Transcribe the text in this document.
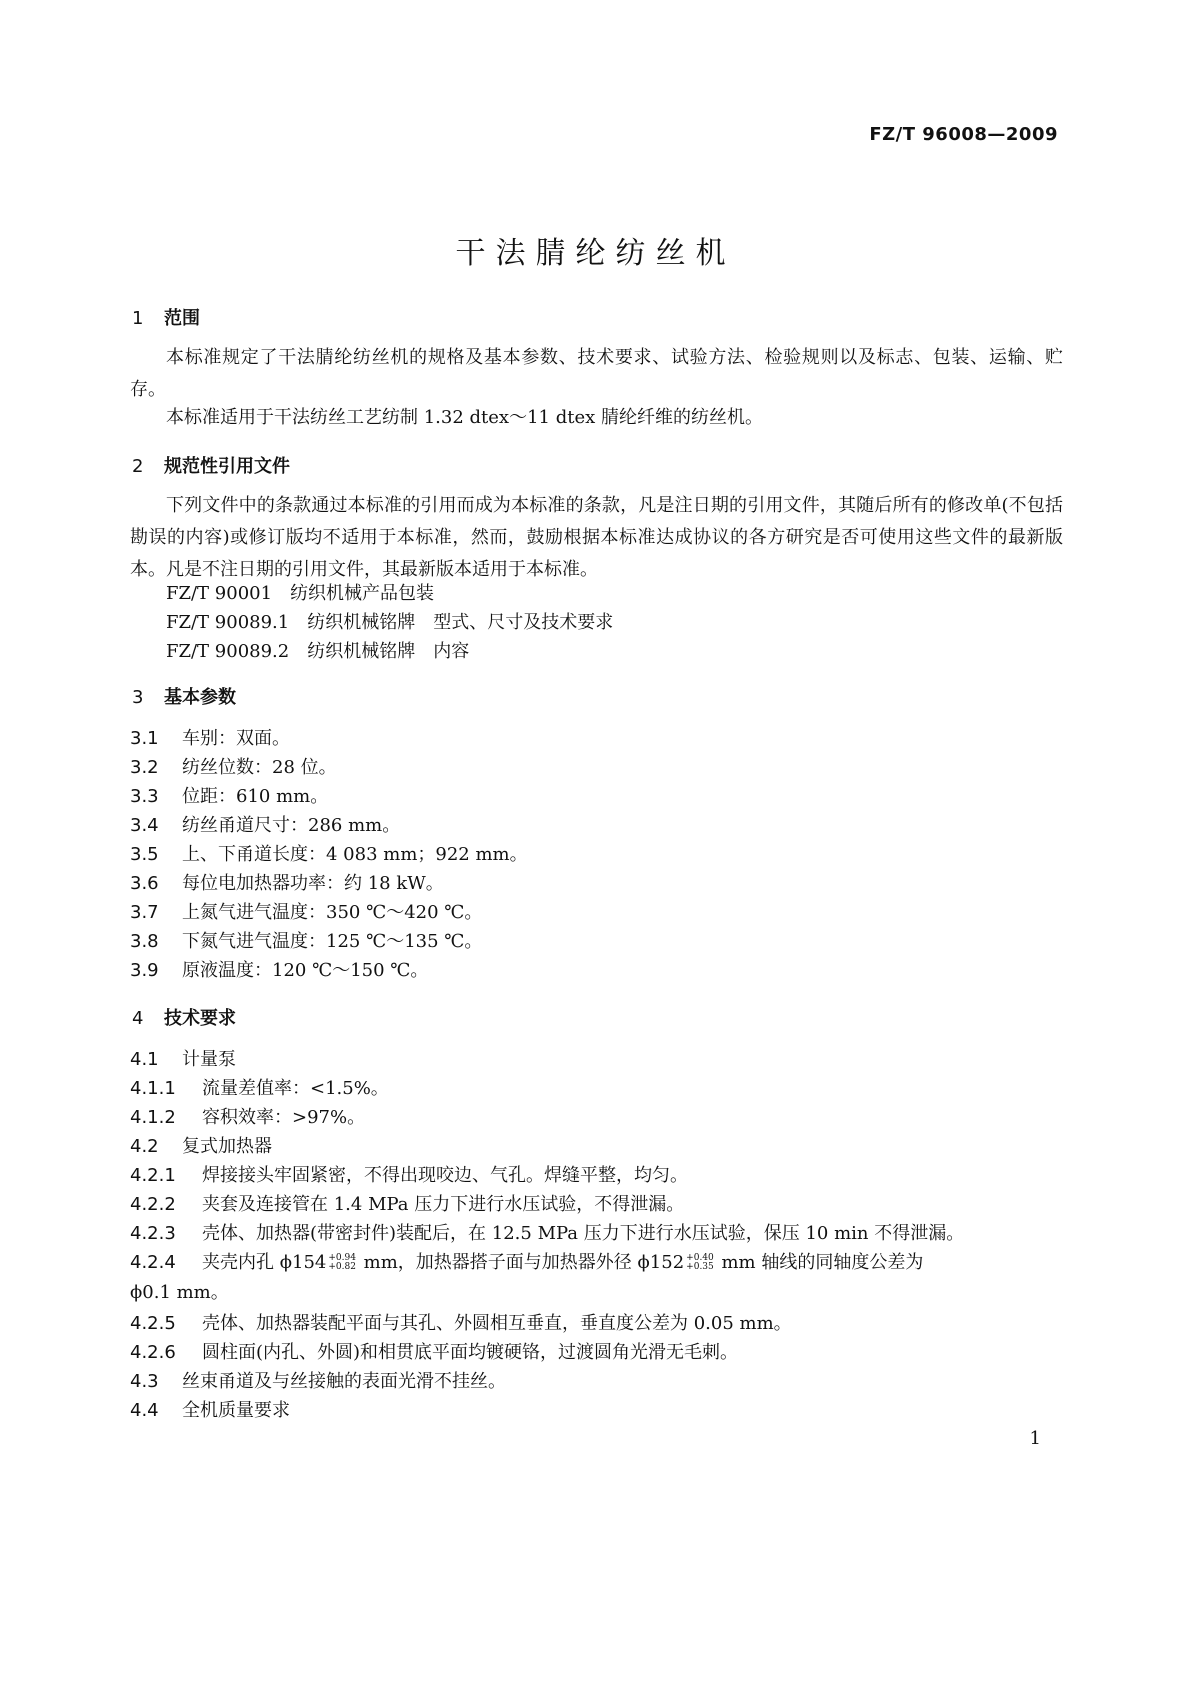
FZ/T 96008—2009
干法腈纶纺丝机
1 范围
本标准规定了干法腈纶纺丝机的规格及基本参数、技术要求、试验方法、检验规则以及标志、包装、运输、贮存。
本标准适用于干法纺丝工艺纺制 1.32 dtex～11 dtex 腈纶纤维的纺丝机。
2 规范性引用文件
下列文件中的条款通过本标准的引用而成为本标准的条款，凡是注日期的引用文件，其随后所有的修改单(不包括勘误的内容)或修订版均不适用于本标准，然而，鼓励根据本标准达成协议的各方研究是否可使用这些文件的最新版本。凡是不注日期的引用文件，其最新版本适用于本标准。
FZ/T 90001 纺织机械产品包装
FZ/T 90089.1 纺织机械铭牌　型式、尺寸及技术要求
FZ/T 90089.2 纺织机械铭牌　内容
3 基本参数
3.1 车别：双面。
3.2 纺丝位数：28 位。
3.3 位距：610 mm。
3.4 纺丝甬道尺寸：286 mm。
3.5 上、下甬道长度：4 083 mm；922 mm。
3.6 每位电加热器功率：约 18 kW。
3.7 上氮气进气温度：350 ℃～420 ℃。
3.8 下氮气进气温度：125 ℃～135 ℃。
3.9 原液温度：120 ℃～150 ℃。
4 技术要求
4.1 计量泵
4.1.1 流量差值率：<1.5%。
4.1.2 容积效率：>97%。
4.2 复式加热器
4.2.1 焊接接头牢固紧密，不得出现咬边、气孔。焊缝平整，均匀。
4.2.2 夹套及连接管在 1.4 MPa 压力下进行水压试验，不得泄漏。
4.2.3 壳体、加热器(带密封件)装配后，在 12.5 MPa 压力下进行水压试验，保压 10 min 不得泄漏。
4.2.4 夹壳内孔 ϕ154 +0.94
+0.82 mm，加热器搭子面与加热器外径 ϕ152 +0.40
+0.35 mm 轴线的同轴度公差为
ϕ0.1 mm。
4.2.5 壳体、加热器装配平面与其孔、外圆相互垂直，垂直度公差为 0.05 mm。
4.2.6 圆柱面(内孔、外圆)和相贯底平面均镀硬铬，过渡圆角光滑无毛刺。
4.3 丝束甬道及与丝接触的表面光滑不挂丝。
4.4 全机质量要求
1
